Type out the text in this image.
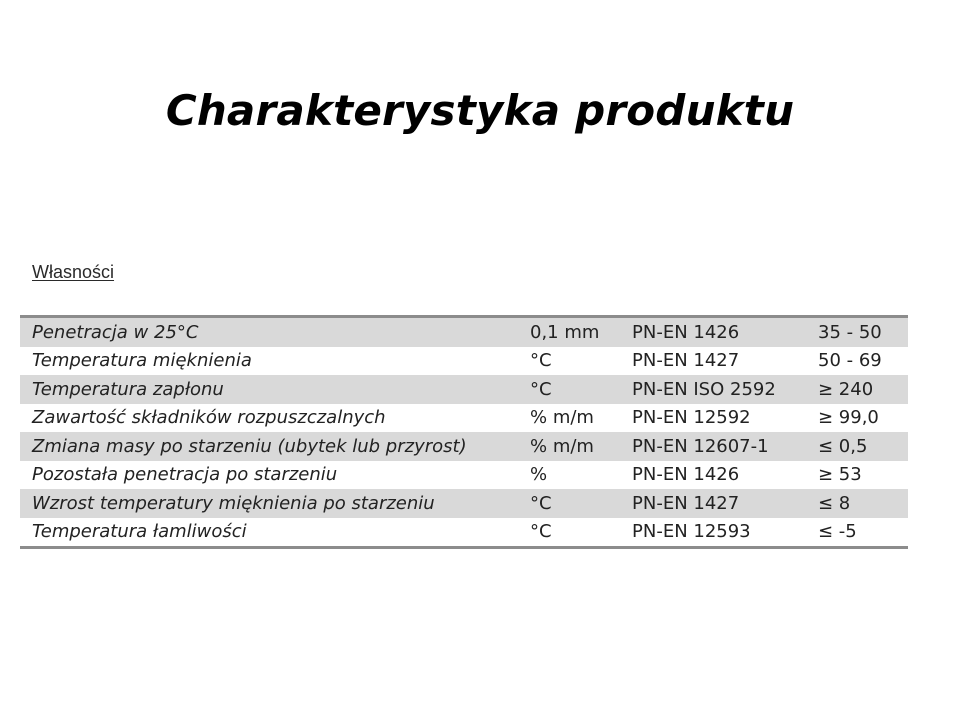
Charakterystyka produktu
Własności
Penetracja w 25°C	0,1 mm	PN-EN 1426	35 - 50
Temperatura mięknienia	°C	PN-EN 1427	50 - 69
Temperatura zapłonu	°C	PN-EN ISO 2592	≥ 240
Zawartość składników rozpuszczalnych	% m/m	PN-EN 12592	≥ 99,0
Zmiana masy po starzeniu (ubytek lub przyrost)	% m/m	PN-EN 12607-1	≤ 0,5
Pozostała penetracja po starzeniu	%	PN-EN 1426	≥ 53
Wzrost temperatury mięknienia po starzeniu	°C	PN-EN 1427	≤ 8
Temperatura łamliwości	°C	PN-EN 12593	≤ -5
